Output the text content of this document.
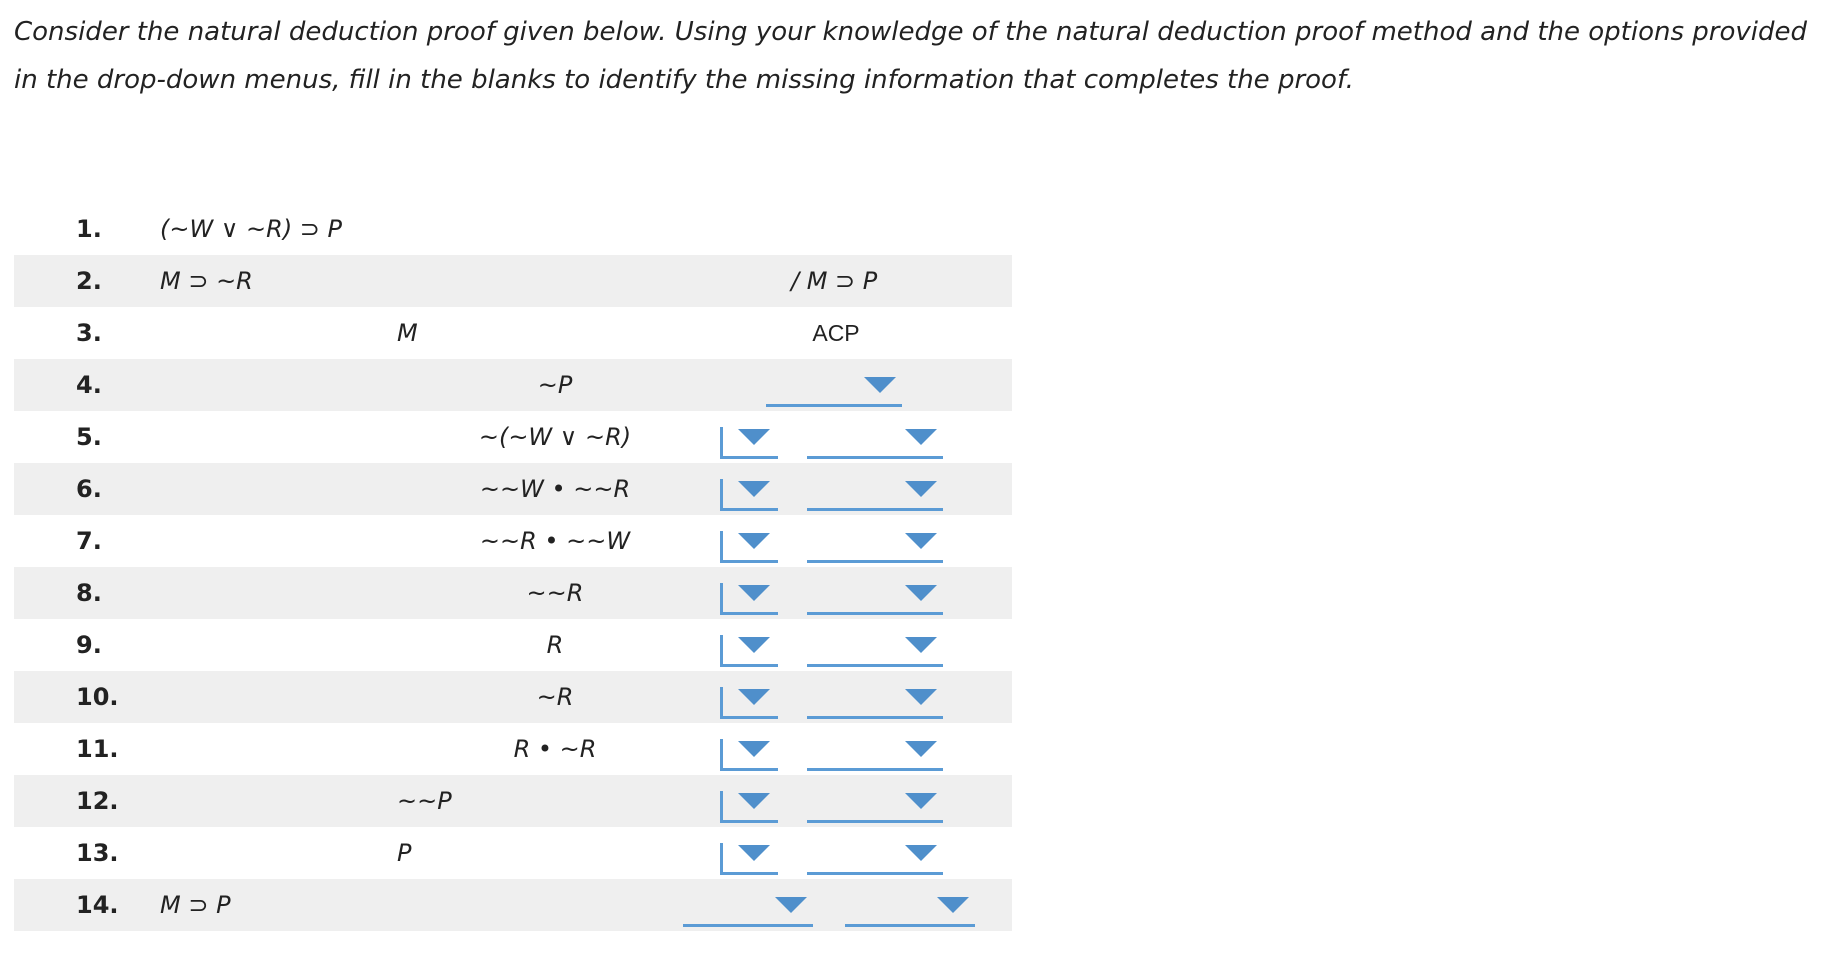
Consider the natural deduction proof given below. Using your knowledge of the natural deduction proof method and the options provided in the drop-down menus, fill in the blanks to identify the missing information that completes the proof.
1. (~W ∨ ~R) ⊃ P
2. M ⊃ ~R	/ M ⊃ P
3.	M	ACP
4.	~P
5.	~(~W ∨ ~R)
6.	~~W • ~~R
7.	~~R • ~~W
8.	~~R
9.	R
10.	~R
11.	R • ~R
12.	~~P
13.	P
14. M ⊃ P
